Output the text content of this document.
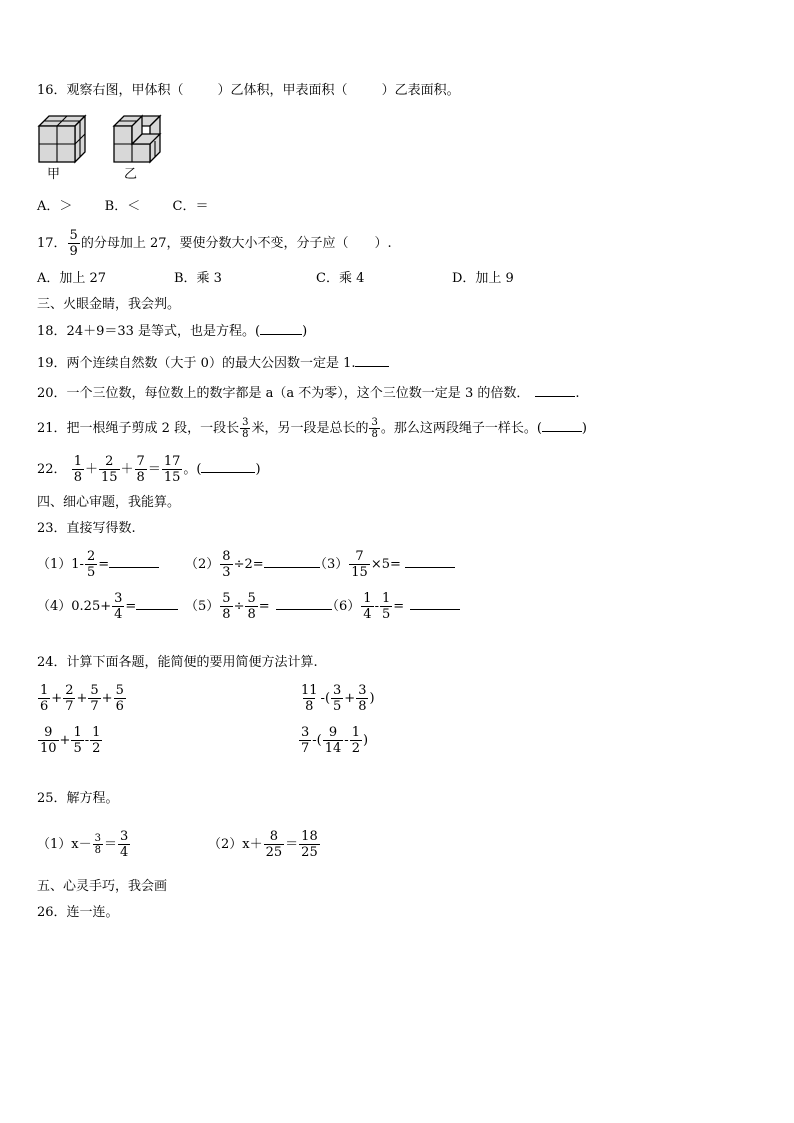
16．观察右图，甲体积（	）乙体积，甲表面积（	）乙表面积。
甲	乙
A．＞ B．＜ C．＝
17． $\frac{5}{9}$ 的分母加上 27，要使分数大小不变，分子应（　　）.
A．加上 27	B．乘 3	C．乘 4	D．加上 9
三、火眼金睛，我会判。
18．24＋9＝33 是等式，也是方程。(	)
19．两个连续自然数（大于 0）的最大公因数一定是 1.
20．一个三位数，每位数上的数字都是 a（a 不为零），这个三位数一定是 3 的倍数．	.
21．把一根绳子剪成 2 段，一段长 $\frac{3}{8}$ 米，另一段是总长的 $\frac{3}{8}$ 。那么这两段绳子一样长。(	)
22． $\frac{1}{8} + \frac{2}{15} + \frac{7}{8} = \frac{17}{15}$ 。(	)
四、细心审题，我能算。
23．直接写得数.
$(1)1- \frac{2}{5}$ =	$(2) \frac{8}{3} \div 2=$	$(3) \frac{7}{15} \times 5=$
$(4)0.25+ \frac{3}{4}$ =	$(5) \frac{5}{8} \div \frac{5}{8}$ =	$(6) \frac{1}{4} - \frac{1}{5}$ =
24．计算下面各题，能简便的要用简便方法计算.
$\frac{1}{6} + \frac{2}{7} + \frac{5}{7} + \frac{5}{6}$	$\frac{11}{8}$ -( $\frac{3}{5} + \frac{3}{8}$ )
$\frac{9}{10} + \frac{1}{5} - \frac{1}{2}$	$\frac{3}{7}$ -( $\frac{9}{14} - \frac{1}{2}$ )
25．解方程。
$(1)x- \frac{3}{8} = \frac{3}{4}$	$(2)x+ \frac{8}{25} = \frac{18}{25}$
五、心灵手巧，我会画
26．连一连。
